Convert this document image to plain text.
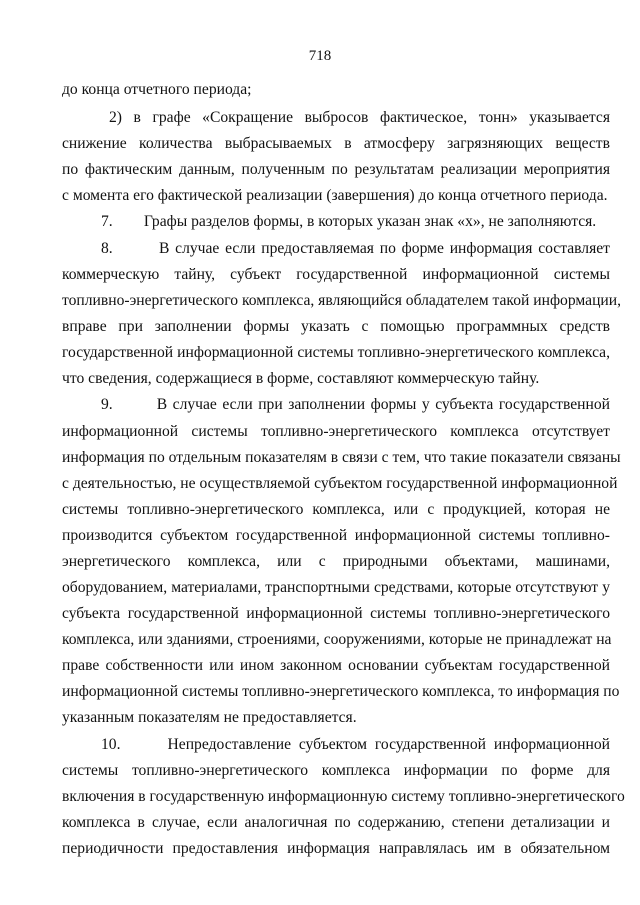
718
до конца отчетного периода;
2) в графе «Сокращение выбросов фактическое, тонн» указывается
снижение количества выбрасываемых в атмосферу загрязняющих веществ
по фактическим данным, полученным по результатам реализации мероприятия
с момента его фактической реализации (завершения) до конца отчетного периода.
7.        Графы разделов формы, в которых указан знак «х», не заполняются.
8.        В случае если предоставляемая по форме информация составляет
коммерческую тайну, субъект государственной информационной системы
топливно-энергетического комплекса, являющийся обладателем такой информации,
вправе при заполнении формы указать с помощью программных средств
государственной информационной системы топливно-энергетического комплекса,
что сведения, содержащиеся в форме, составляют коммерческую тайну.
9.        В случае если при заполнении формы у субъекта государственной
информационной системы топливно-энергетического комплекса отсутствует
информация по отдельным показателям в связи с тем, что такие показатели связаны
с деятельностью, не осуществляемой субъектом государственной информационной
системы топливно-энергетического комплекса, или с продукцией, которая не
производится субъектом государственной информационной системы топливно-
энергетического комплекса, или с природными объектами, машинами,
оборудованием, материалами, транспортными средствами, которые отсутствуют у
субъекта государственной информационной системы топливно-энергетического
комплекса, или зданиями, строениями, сооружениями, которые не принадлежат на
праве собственности или ином законном основании субъектам государственной
информационной системы топливно-энергетического комплекса, то информация по
указанным показателям не предоставляется.
10.      Непредоставление субъектом государственной информационной
системы топливно-энергетического комплекса информации по форме для
включения в государственную информационную систему топливно-энергетического
комплекса в случае, если аналогичная по содержанию, степени детализации и
периодичности предоставления информация направлялась им в обязательном
